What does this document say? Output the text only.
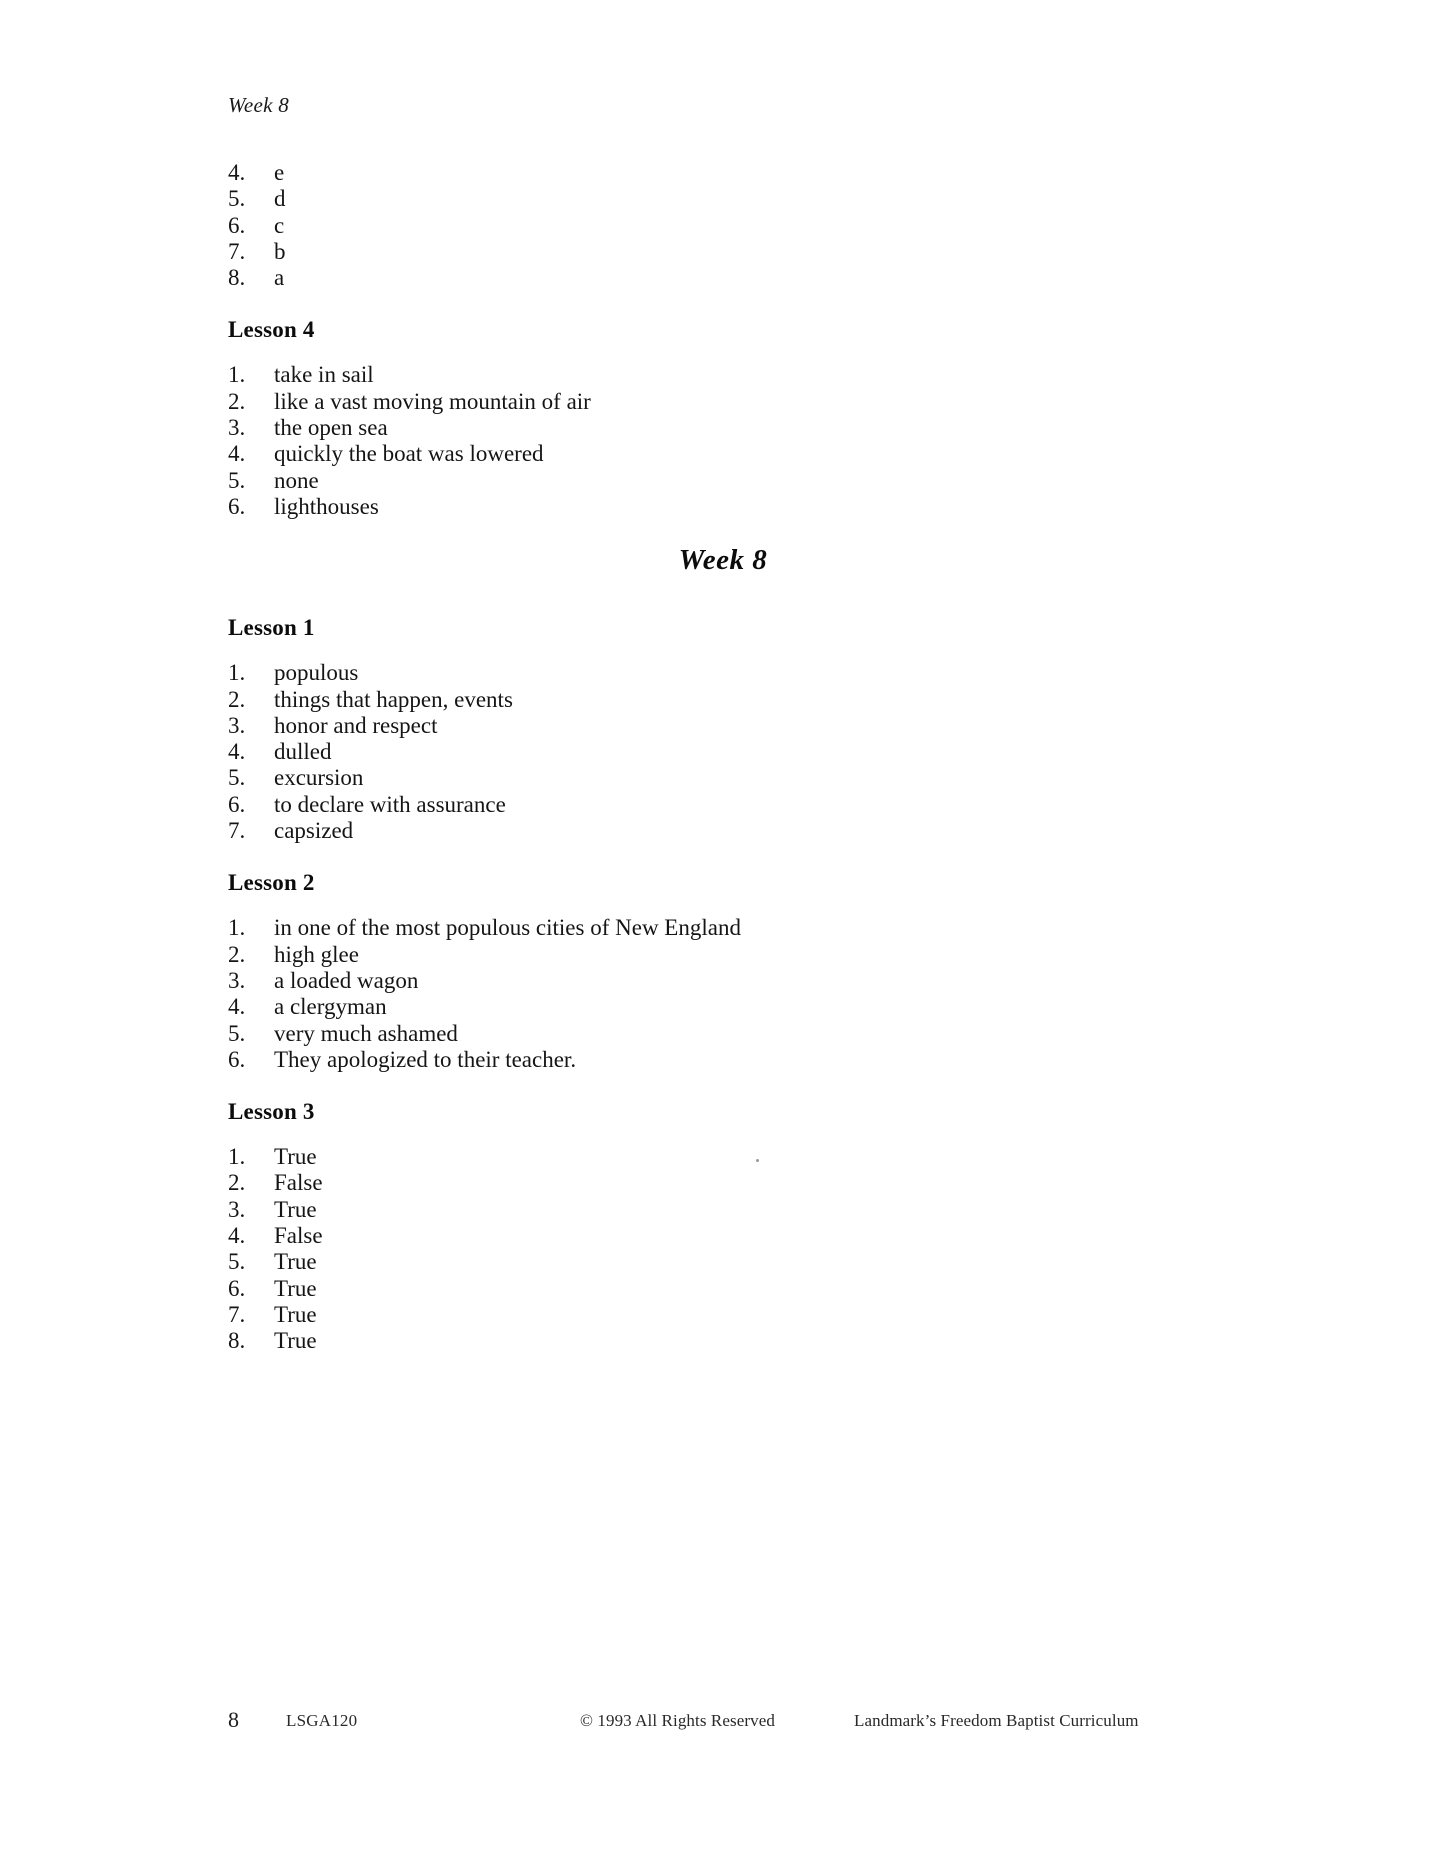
Week 8
4.	e
5.	d
6.	c
7.	b
8.	a
Lesson 4
1.	take in sail
2.	like a vast moving mountain of air
3.	the open sea
4.	quickly the boat was lowered
5.	none
6.	lighthouses
Week 8
Lesson 1
1.	populous
2.	things that happen, events
3.	honor and respect
4.	dulled
5.	excursion
6.	to declare with assurance
7.	capsized
Lesson 2
1.	in one of the most populous cities of New England
2.	high glee
3.	a loaded wagon
4.	a clergyman
5.	very much ashamed
6.	They apologized to their teacher.
Lesson 3
1.	True
2.	False
3.	True
4.	False
5.	True
6.	True
7.	True
8.	True
8	LSGA120	© 1993 All Rights Reserved	Landmark’s Freedom Baptist Curriculum
